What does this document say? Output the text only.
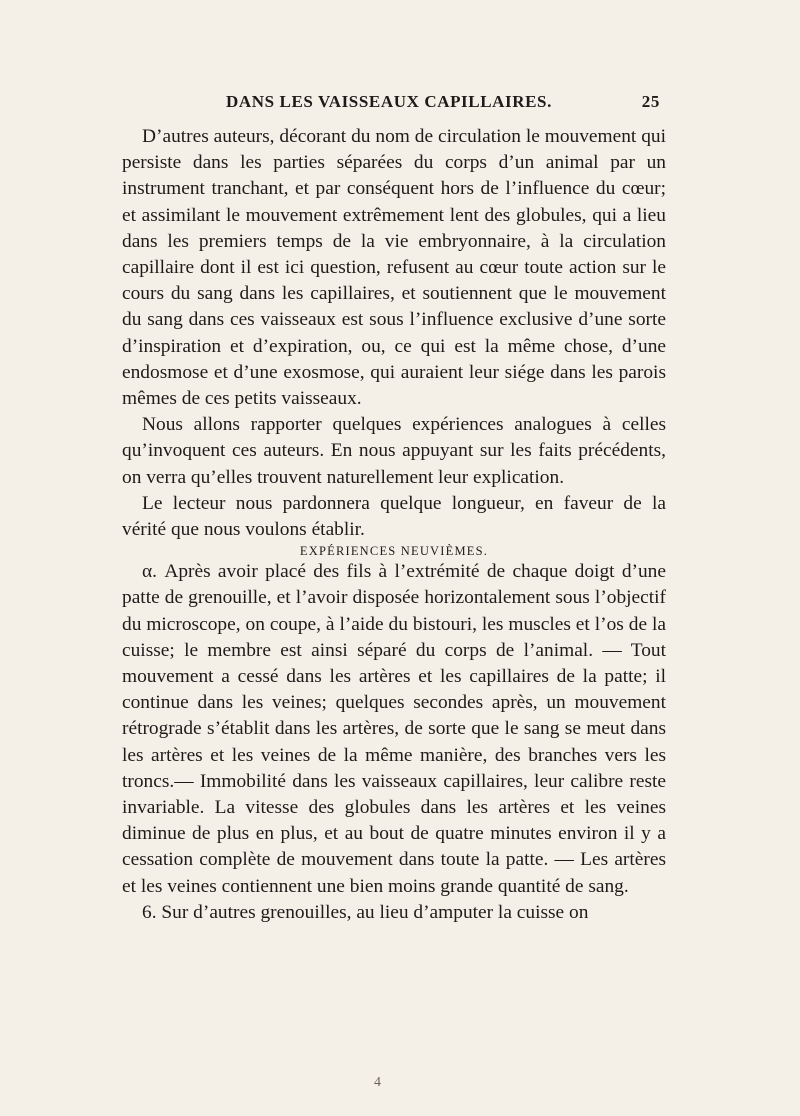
DANS LES VAISSEAUX CAPILLAIRES.	25

D’autres auteurs, décorant du nom de circulation le mouvement qui persiste dans les parties séparées du corps d’un animal par un instrument tranchant, et par conséquent hors de l’influence du cœur; et assimilant le mouvement extrêmement lent des globules, qui a lieu dans les premiers temps de la vie embryonnaire, à la circulation capillaire dont il est ici question, refusent au cœur toute action sur le cours du sang dans les capillaires, et soutiennent que le mouvement du sang dans ces vaisseaux est sous l’influence exclusive d’une sorte d’inspiration et d’expiration, ou, ce qui est la même chose, d’une endosmose et d’une exosmose, qui auraient leur siége dans les parois mêmes de ces petits vaisseaux.

Nous allons rapporter quelques expériences analogues à celles qu’invoquent ces auteurs. En nous appuyant sur les faits précédents, on verra qu’elles trouvent naturellement leur explication.

Le lecteur nous pardonnera quelque longueur, en faveur de la vérité que nous voulons établir.

EXPÉRIENCES NEUVIÈMES.

α. Après avoir placé des fils à l’extrémité de chaque doigt d’une patte de grenouille, et l’avoir disposée horizontalement sous l’objectif du microscope, on coupe, à l’aide du bistouri, les muscles et l’os de la cuisse; le membre est ainsi séparé du corps de l’animal. — Tout mouvement a cessé dans les artères et les capillaires de la patte; il continue dans les veines; quelques secondes après, un mouvement rétrograde s’établit dans les artères, de sorte que le sang se meut dans les artères et les veines de la même manière, des branches vers les troncs.— Immobilité dans les vaisseaux capillaires, leur calibre reste invariable. La vitesse des globules dans les artères et les veines diminue de plus en plus, et au bout de quatre minutes environ il y a cessation complète de mouvement dans toute la patte. — Les artères et les veines contiennent une bien moins grande quantité de sang.

6. Sur d’autres grenouilles, au lieu d’amputer la cuisse on

4
